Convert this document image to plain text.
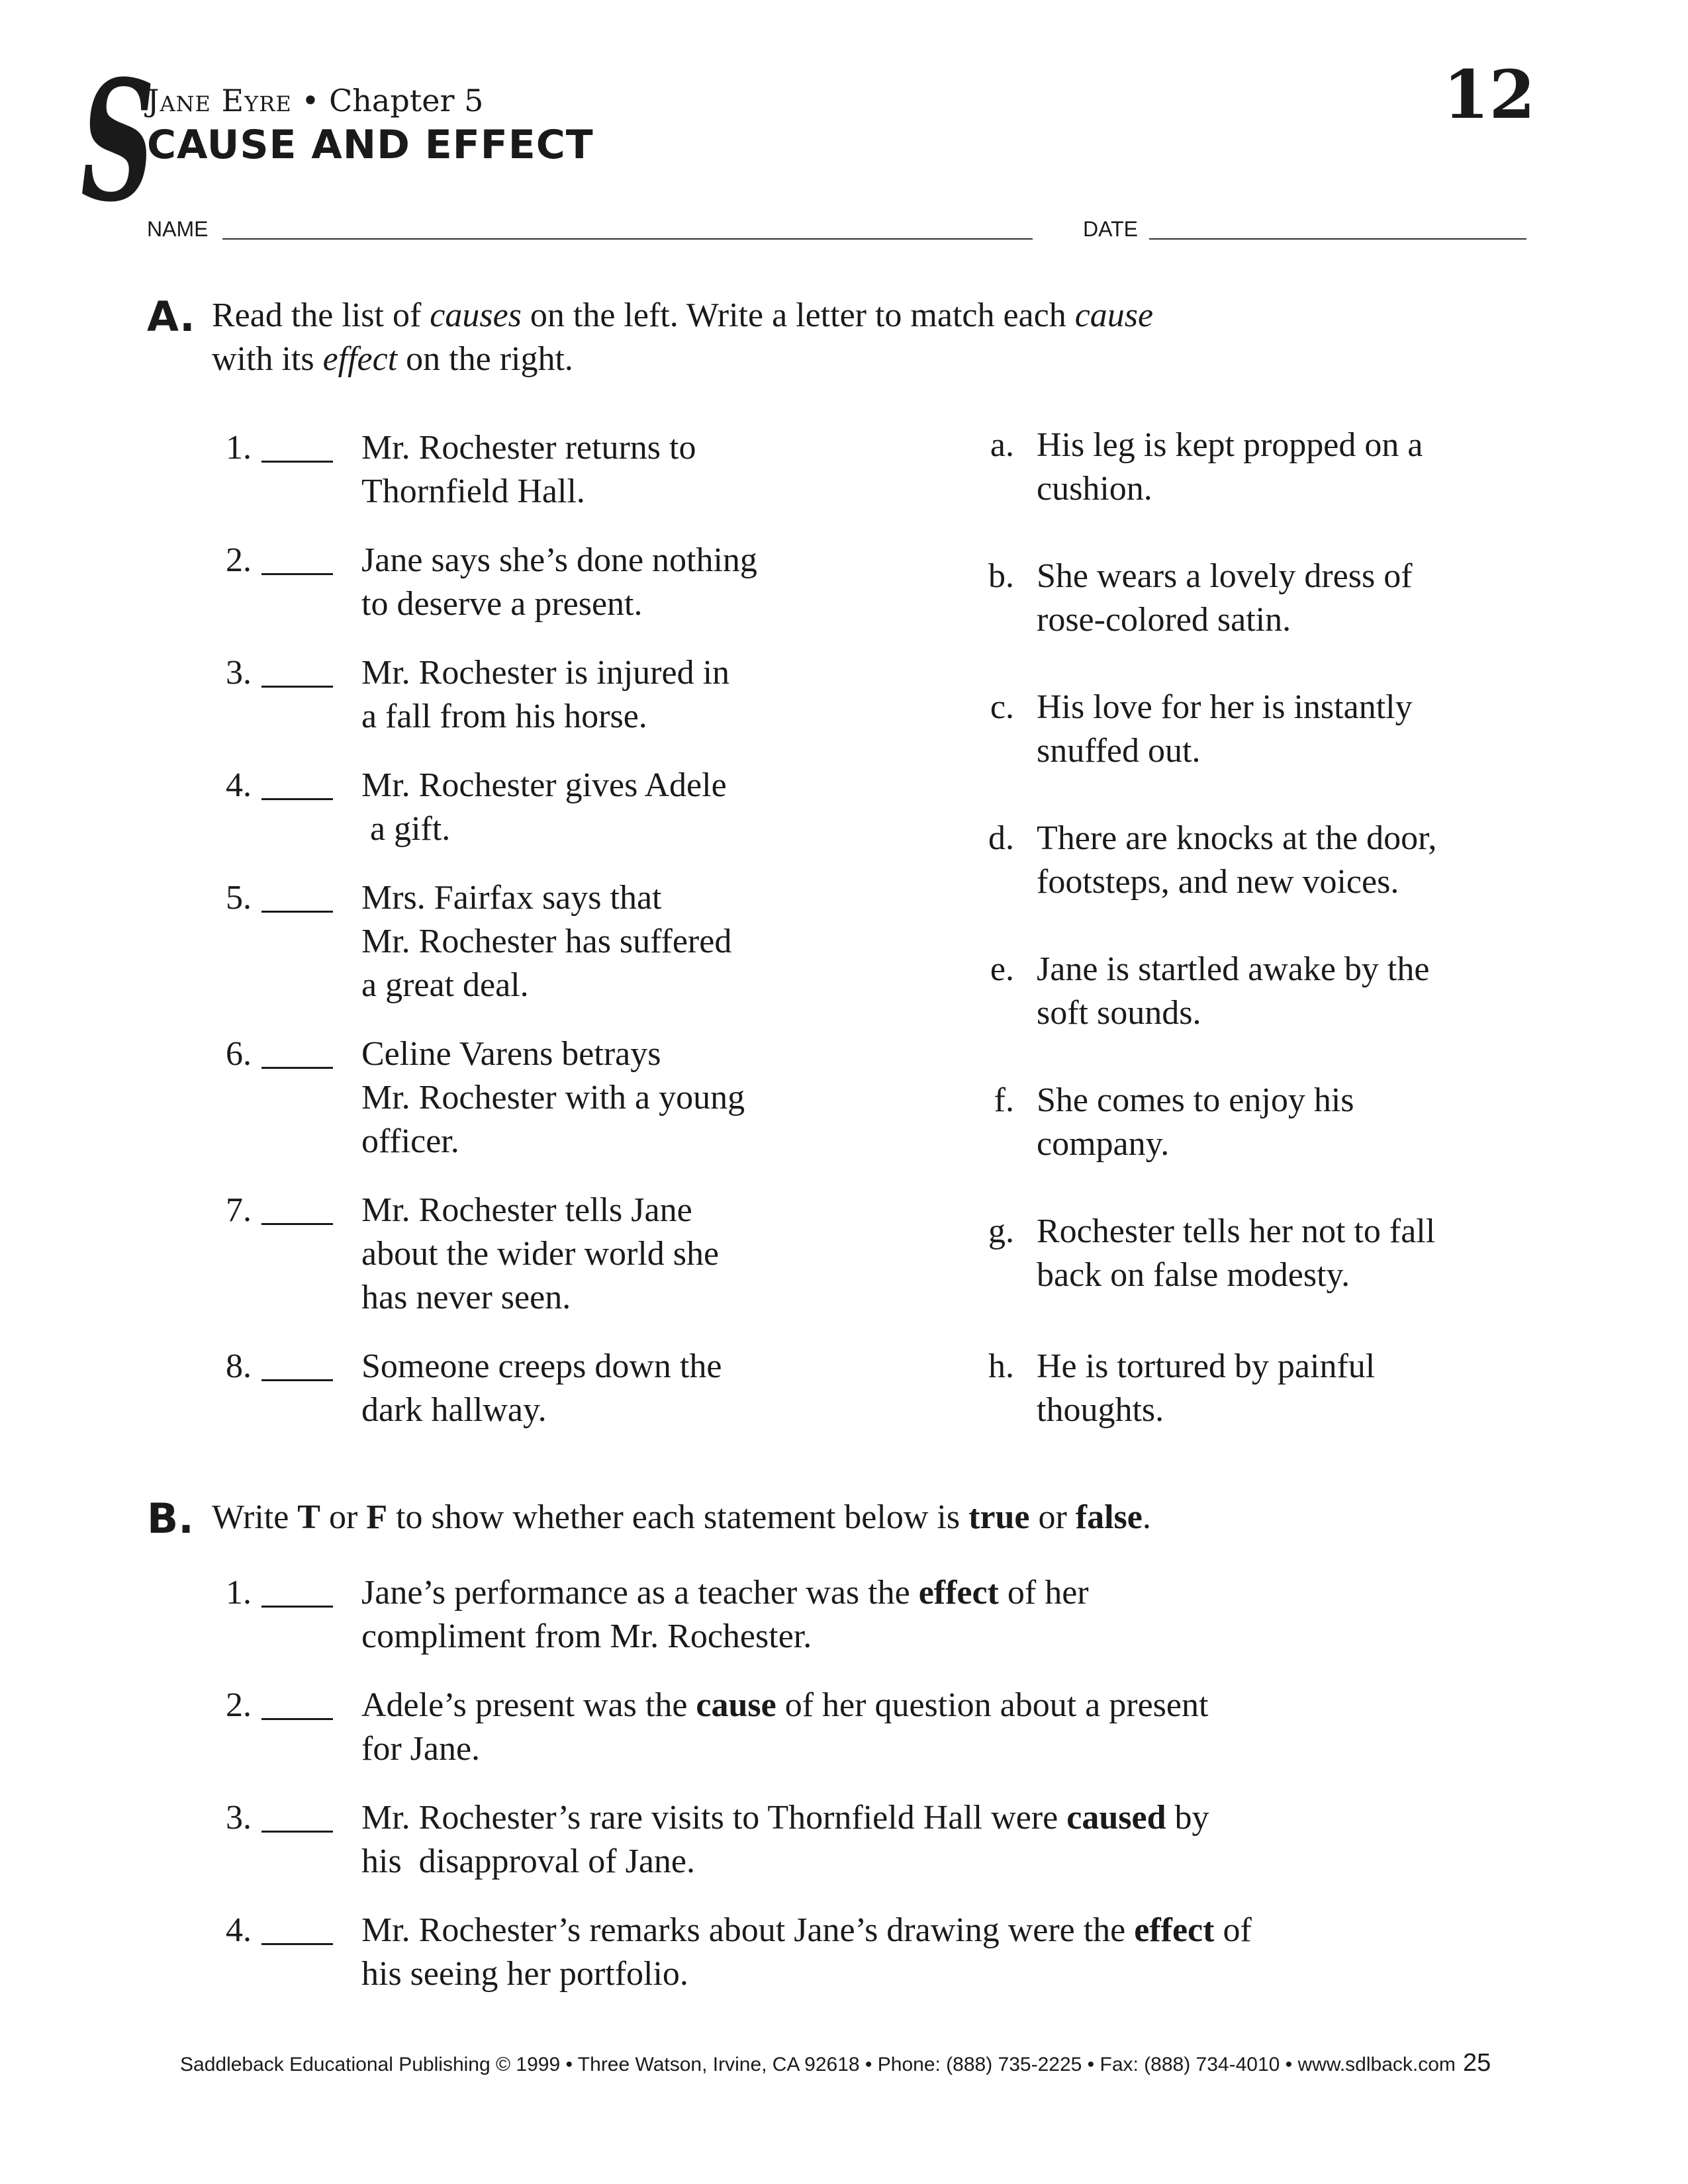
S
Jane Eyre • Chapter 5
CAUSE AND EFFECT
12
NAME	DATE
A. Read the list of causes on the left. Write a letter to match each cause
with its effect on the right.
1.	Mr. Rochester returns to
Thornfield Hall.
2.	Jane says she’s done nothing
to deserve a present.
3.	Mr. Rochester is injured in
a fall from his horse.
4.	Mr. Rochester gives Adele
a gift.
5.	Mrs. Fairfax says that
Mr. Rochester has suffered
a great deal.
6.	Celine Varens betrays
Mr. Rochester with a young
officer.
7.	Mr. Rochester tells Jane
about the wider world she
has never seen.
8.	Someone creeps down the
dark hallway.
a. His leg is kept propped on a
cushion.
b. She wears a lovely dress of
rose-colored satin.
c. His love for her is instantly
snuffed out.
d. There are knocks at the door,
footsteps, and new voices.
e. Jane is startled awake by the
soft sounds.
f. She comes to enjoy his
company.
g. Rochester tells her not to fall
back on false modesty.
h. He is tortured by painful
thoughts.
B. Write T or F to show whether each statement below is true or false.
1.	Jane’s performance as a teacher was the effect of her
compliment from Mr. Rochester.
2.	Adele’s present was the cause of her question about a present
for Jane.
3.	Mr. Rochester’s rare visits to Thornfield Hall were caused by
his  disapproval of Jane.
4.	Mr. Rochester’s remarks about Jane’s drawing were the effect of
his seeing her portfolio.
Saddleback Educational Publishing © 1999 • Three Watson, Irvine, CA 92618 • Phone: (888) 735-2225 • Fax: (888) 734-4010 • www.sdlback.com 25
